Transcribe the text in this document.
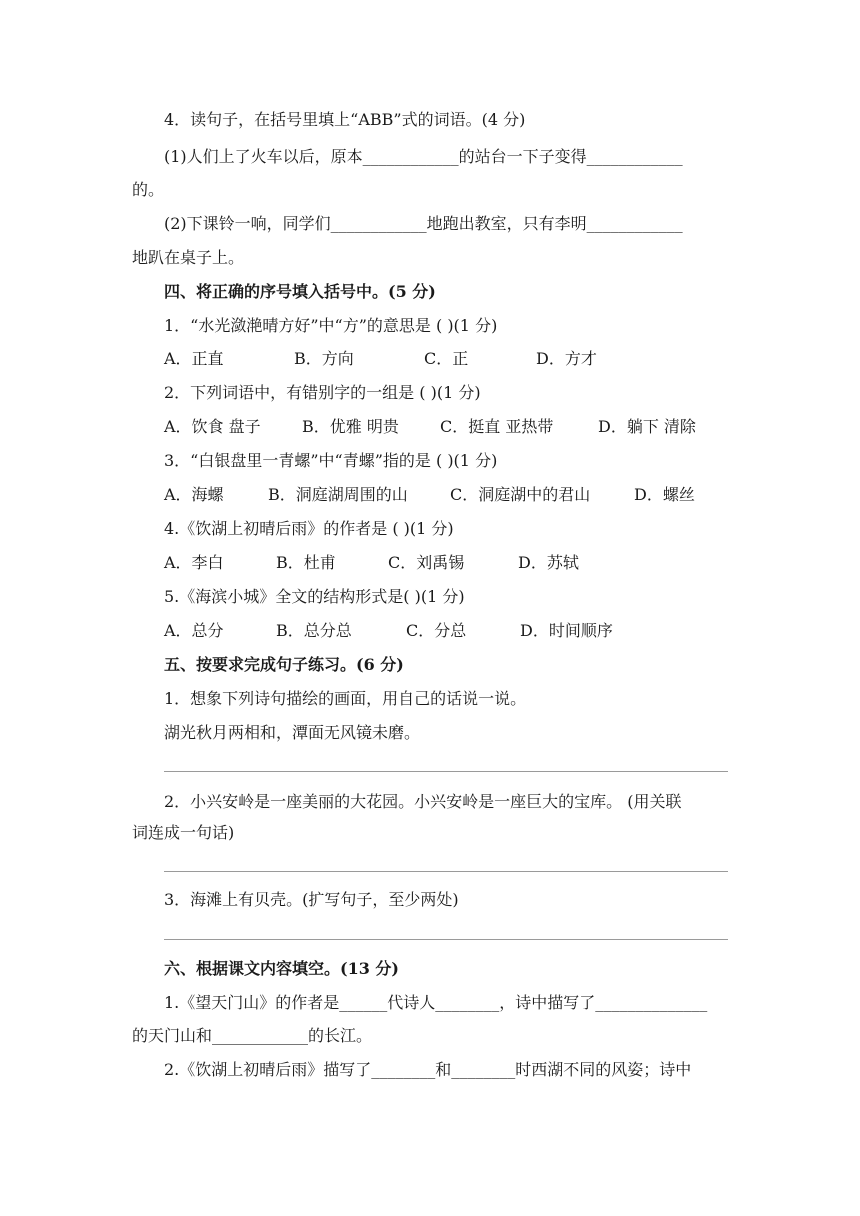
4．读句子，在括号里填上“ABB”式的词语。(4 分)
(1)人们上了火车以后，原本____________的站台一下子变得____________
的。
(2)下课铃一响，同学们____________地跑出教室，只有李明____________
地趴在桌子上。
四、将正确的序号填入括号中。(5 分)
1．“水光潋滟晴方好”中“方”的意思是 ( )(1 分)
A．正直	B．方向	C．正	D．方才
2．下列词语中，有错别字的一组是 ( )(1 分)
A．饮食 盘子	B．优雅 明贵	C．挺直 亚热带	D．躺下 清除
3．“白银盘里一青螺”中“青螺”指的是 ( )(1 分)
A．海螺	B．洞庭湖周围的山	C．洞庭湖中的君山	D．螺丝
4.《饮湖上初晴后雨》的作者是 ( )(1 分)
A．李白	B．杜甫	C．刘禹锡	D．苏轼
5.《海滨小城》全文的结构形式是( )(1 分)
A．总分	B．总分总	C．分总	D．时间顺序
五、按要求完成句子练习。(6 分)
1．想象下列诗句描绘的画面，用自己的话说一说。
湖光秋月两相和，潭面无风镜未磨。
2．小兴安岭是一座美丽的大花园。小兴安岭是一座巨大的宝库。 (用关联
词连成一句话)
3．海滩上有贝壳。(扩写句子，至少两处)
六、根据课文内容填空。(13 分)
1.《望天门山》的作者是______代诗人________，诗中描写了______________
的天门山和____________的长江。
2.《饮湖上初晴后雨》描写了________和________时西湖不同的风姿；诗中
